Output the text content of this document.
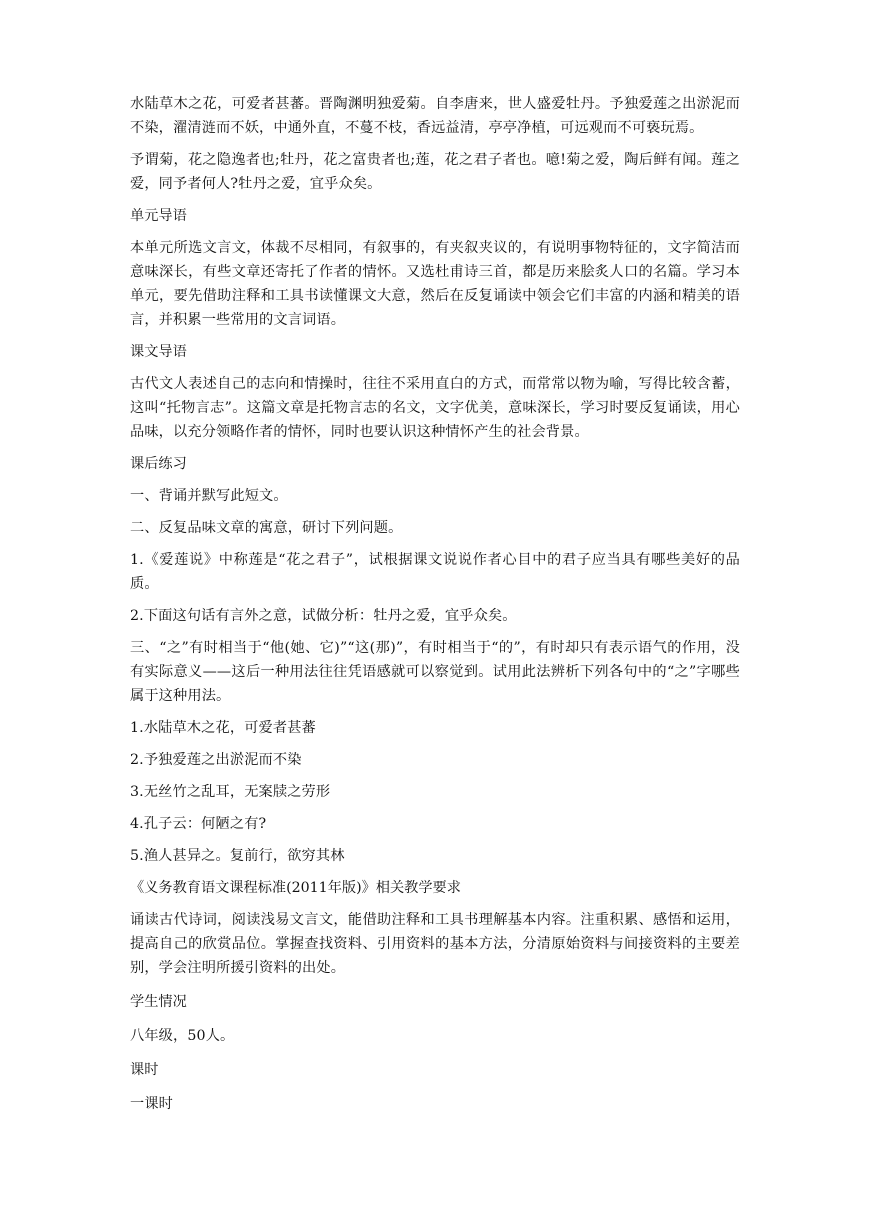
水陆草木之花，可爱者甚蕃。晋陶渊明独爱菊。自李唐来，世人盛爱牡丹。予独爱莲之出淤泥而不染，濯清涟而不妖，中通外直，不蔓不枝，香远益清，亭亭净植，可远观而不可亵玩焉。

予谓菊，花之隐逸者也;牡丹，花之富贵者也;莲，花之君子者也。噫!菊之爱，陶后鲜有闻。莲之爱，同予者何人?牡丹之爱，宜乎众矣。

单元导语

本单元所选文言文，体裁不尽相同，有叙事的，有夹叙夹议的，有说明事物特征的，文字简洁而意味深长，有些文章还寄托了作者的情怀。又选杜甫诗三首，都是历来脍炙人口的名篇。学习本单元，要先借助注释和工具书读懂课文大意，然后在反复诵读中领会它们丰富的内涵和精美的语言，并积累一些常用的文言词语。

课文导语

古代文人表述自己的志向和情操时，往往不采用直白的方式，而常常以物为喻，写得比较含蓄，这叫“托物言志”。这篇文章是托物言志的名文，文字优美，意味深长，学习时要反复诵读，用心品味，以充分领略作者的情怀，同时也要认识这种情怀产生的社会背景。

课后练习

一、背诵并默写此短文。

二、反复品味文章的寓意，研讨下列问题。

1.《爱莲说》中称莲是“花之君子”，试根据课文说说作者心目中的君子应当具有哪些美好的品质。

2.下面这句话有言外之意，试做分析：牡丹之爱，宜乎众矣。

三、“之”有时相当于“他(她、它)”“这(那)”，有时相当于“的”，有时却只有表示语气的作用，没有实际意义——这后一种用法往往凭语感就可以察觉到。试用此法辨析下列各句中的“之”字哪些属于这种用法。

1.水陆草木之花，可爱者甚蕃

2.予独爱莲之出淤泥而不染

3.无丝竹之乱耳，无案牍之劳形

4.孔子云：何陋之有?

5.渔人甚异之。复前行，欲穷其林

《义务教育语文课程标准(2011年版)》相关教学要求

诵读古代诗词，阅读浅易文言文，能借助注释和工具书理解基本内容。注重积累、感悟和运用，提高自己的欣赏品位。掌握查找资料、引用资料的基本方法，分清原始资料与间接资料的主要差别，学会注明所援引资料的出处。

学生情况

八年级，50人。

课时

一课时
